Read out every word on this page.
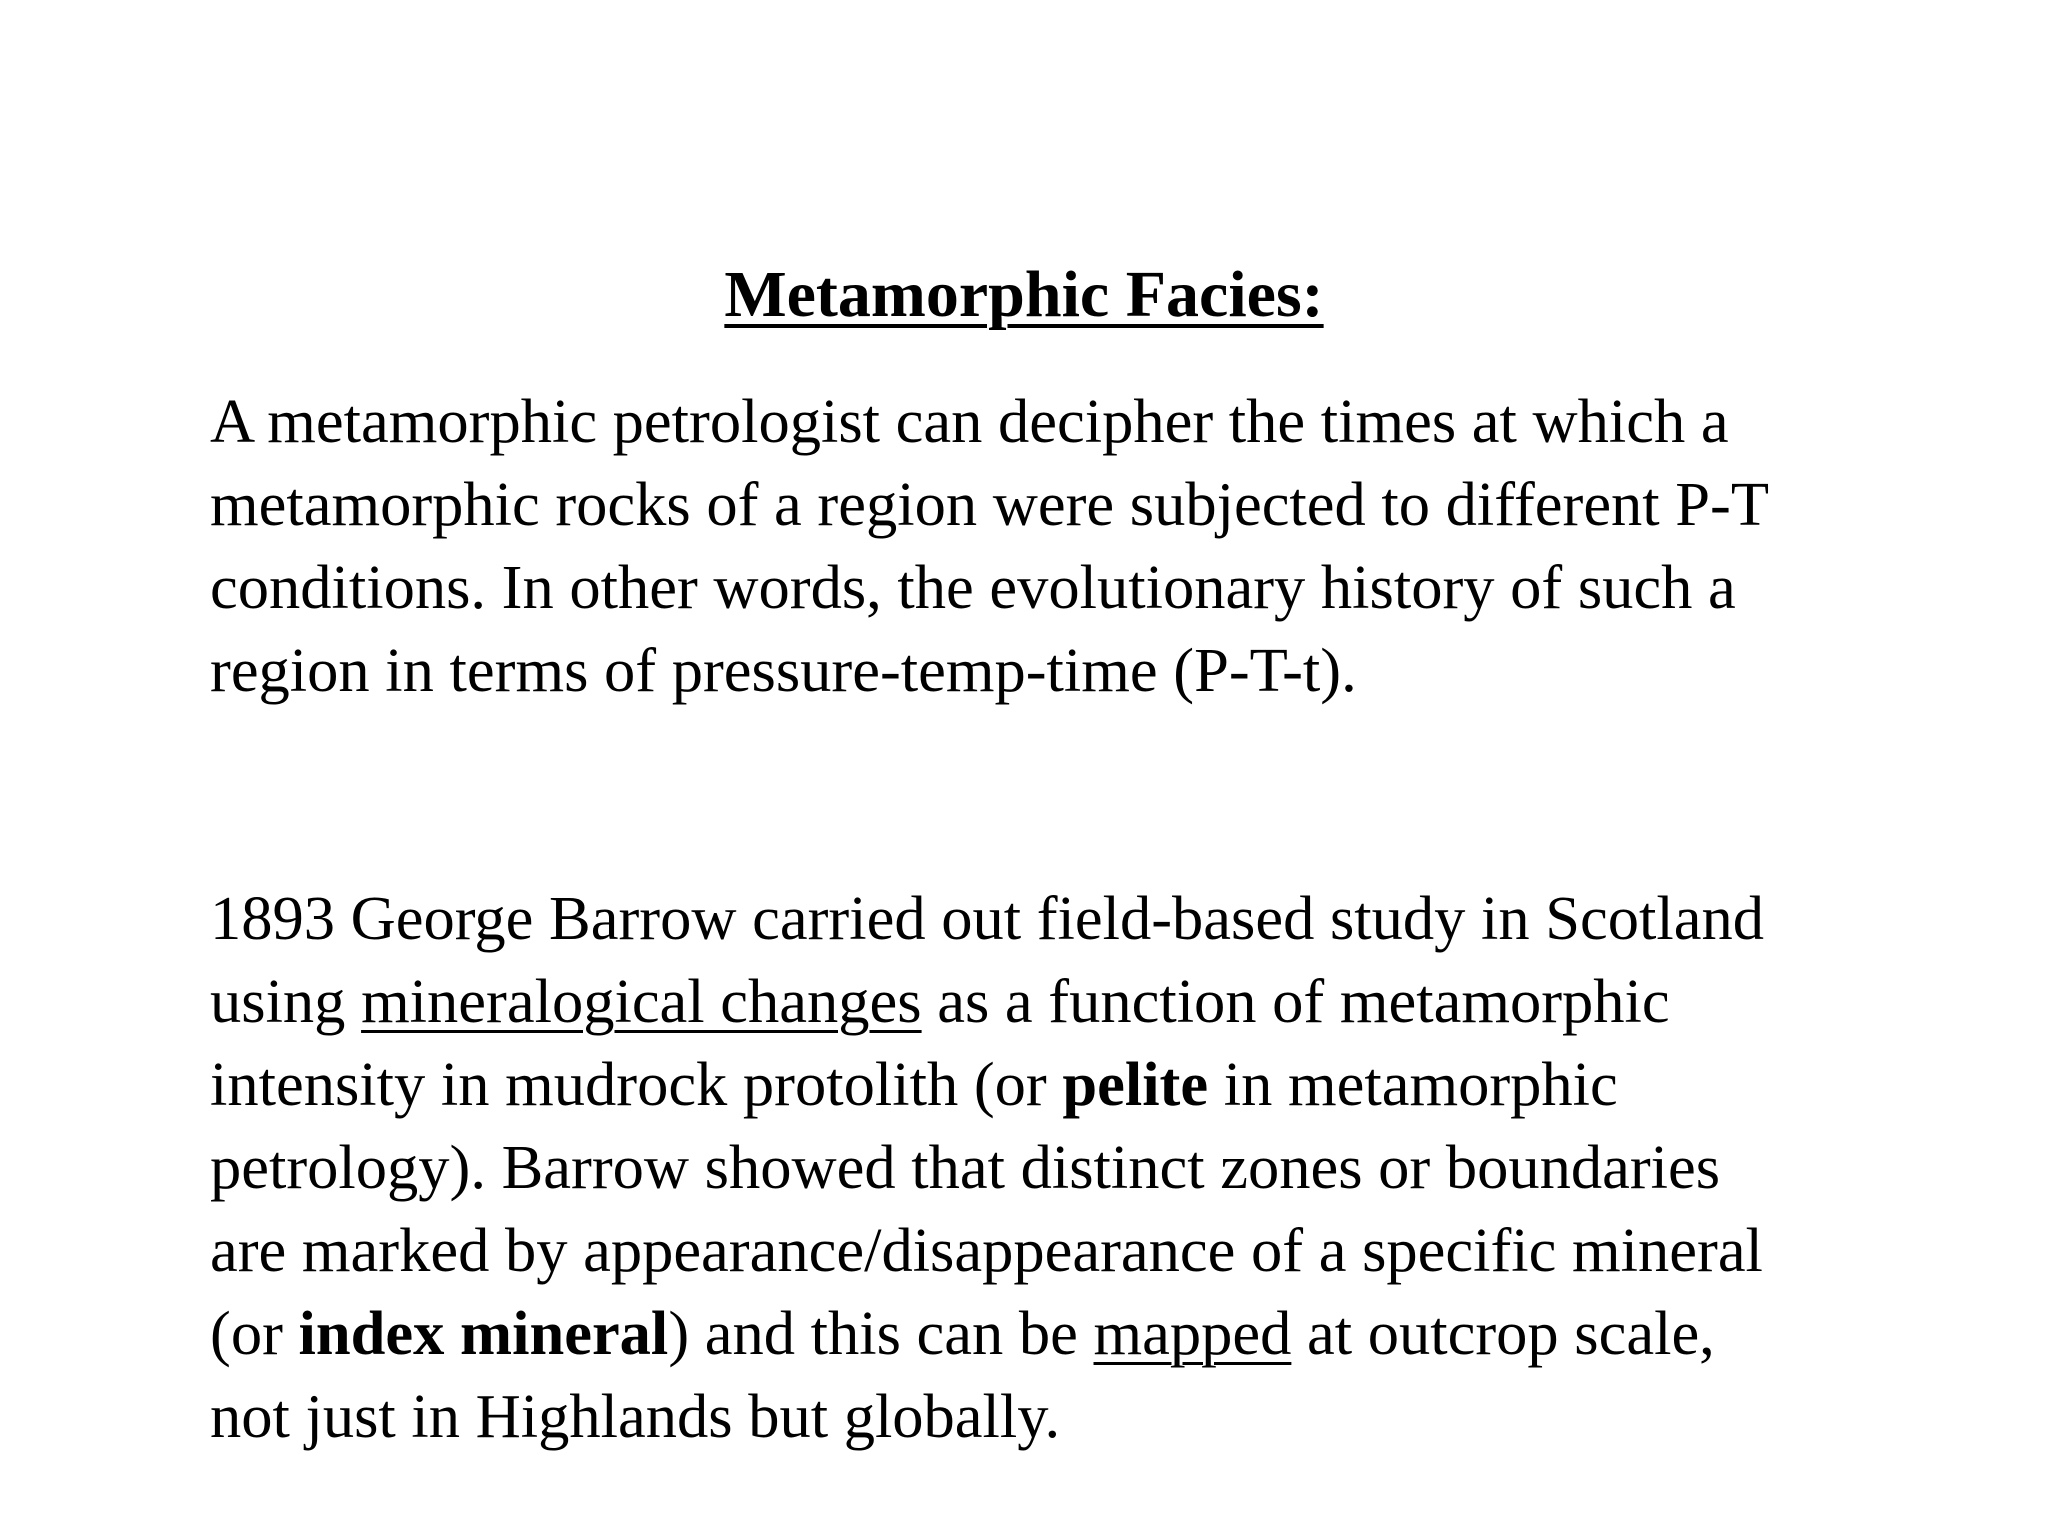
Metamorphic Facies:

A metamorphic petrologist can decipher the times at which a
metamorphic rocks of a region were subjected to different P-T
conditions. In other words, the evolutionary history of such a
region in terms of pressure-temp-time (P-T-t).

1893 George Barrow carried out field-based study in Scotland
using mineralogical changes as a function of metamorphic
intensity in mudrock protolith (or pelite in metamorphic
petrology). Barrow showed that distinct zones or boundaries
are marked by appearance/disappearance of a specific mineral
(or index mineral) and this can be mapped at outcrop scale,
not just in Highlands but globally.
